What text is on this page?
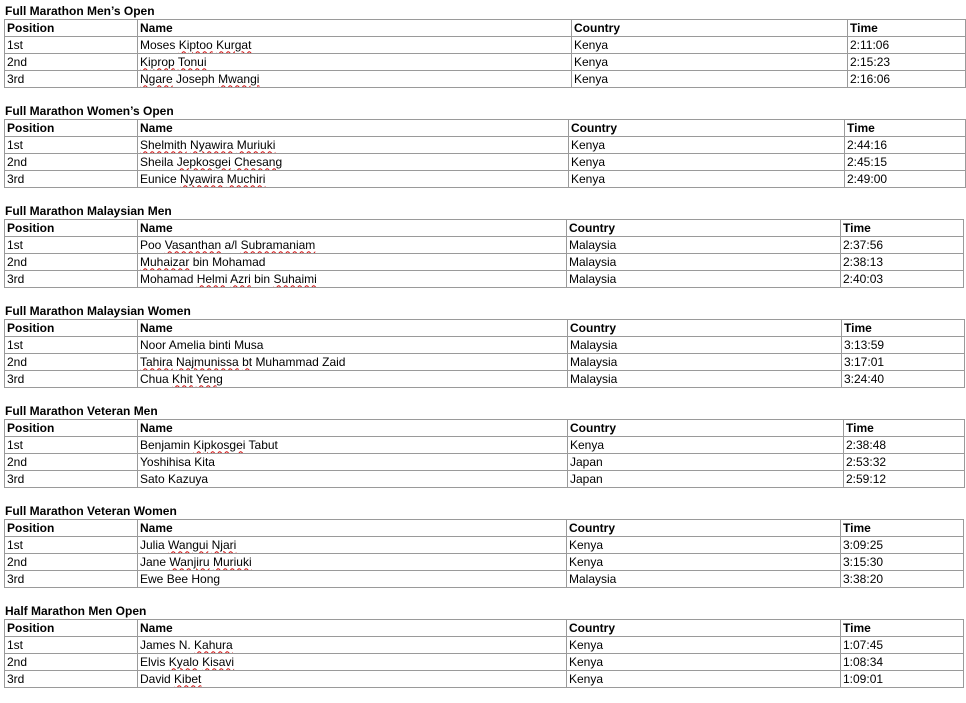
Full Marathon Men’s Open
Position	Name	Country	Time
1st	Moses Kiptoo Kurgat	Kenya	2:11:06
2nd	Kiprop Tonui	Kenya	2:15:23
3rd	Ngare Joseph Mwangi	Kenya	2:16:06
Full Marathon Women’s Open
Position	Name	Country	Time
1st	Shelmith Nyawira Muriuki	Kenya	2:44:16
2nd	Sheila Jepkosgei Chesang	Kenya	2:45:15
3rd	Eunice Nyawira Muchiri	Kenya	2:49:00
Full Marathon Malaysian Men
Position	Name	Country	Time
1st	Poo Vasanthan a/l Subramaniam	Malaysia	2:37:56
2nd	Muhaizar bin Mohamad	Malaysia	2:38:13
3rd	Mohamad Helmi Azri bin Suhaimi	Malaysia	2:40:03
Full Marathon Malaysian Women
Position	Name	Country	Time
1st	Noor Amelia binti Musa	Malaysia	3:13:59
2nd	Tahira Najmunissa bt Muhammad Zaid	Malaysia	3:17:01
3rd	Chua Khit Yeng	Malaysia	3:24:40
Full Marathon Veteran Men
Position	Name	Country	Time
1st	Benjamin Kipkosgei Tabut	Kenya	2:38:48
2nd	Yoshihisa Kita	Japan	2:53:32
3rd	Sato Kazuya	Japan	2:59:12
Full Marathon Veteran Women
Position	Name	Country	Time
1st	Julia Wangui Njari	Kenya	3:09:25
2nd	Jane Wanjiru Muriuki	Kenya	3:15:30
3rd	Ewe Bee Hong	Malaysia	3:38:20
Half Marathon Men Open
Position	Name	Country	Time
1st	James N. Kahura	Kenya	1:07:45
2nd	Elvis Kyalo Kisavi	Kenya	1:08:34
3rd	David Kibet	Kenya	1:09:01
